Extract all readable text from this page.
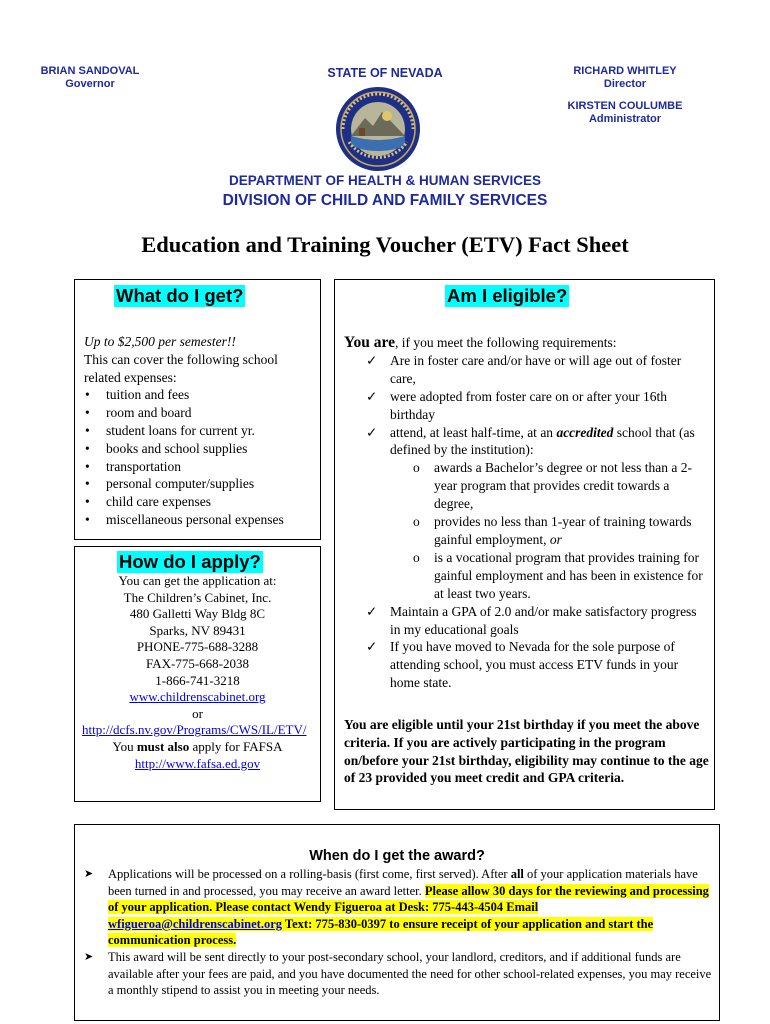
BRIAN SANDOVAL
Governor
STATE OF NEVADA	RICHARD WHITLEY
Director
KIRSTEN COULUMBE
Administrator
DEPARTMENT OF HEALTH & HUMAN SERVICES
DIVISION OF CHILD AND FAMILY SERVICES
Education and Training Voucher (ETV) Fact Sheet
What do I get?
Up to $2,500 per semester!!
This can cover the following school related expenses:
• tuition and fees
• room and board
• student loans for current yr.
• books and school supplies
• transportation
• personal computer/supplies
• child care expenses
• miscellaneous personal expenses
How do I apply?
You can get the application at:
The Children’s Cabinet, Inc.
480 Galletti Way Bldg 8C
Sparks, NV 89431
PHONE-775-688-3288
FAX-775-668-2038
1-866-741-3218
www.childrenscabinet.org
or
http://dcfs.nv.gov/Programs/CWS/IL/ETV/
You must also apply for FAFSA
http://www.fafsa.ed.gov
Am I eligible?
You are, if you meet the following requirements:
✓ Are in foster care and/or have or will age out of foster care,
✓ were adopted from foster care on or after your 16th birthday
✓ attend, at least half-time, at an accredited school that (as defined by the institution):
o awards a Bachelor’s degree or not less than a 2-year program that provides credit towards a degree,
o provides no less than 1-year of training towards gainful employment, or
o is a vocational program that provides training for gainful employment and has been in existence for at least two years.
✓ Maintain a GPA of 2.0 and/or make satisfactory progress in my educational goals
✓ If you have moved to Nevada for the sole purpose of attending school, you must access ETV funds in your home state.
You are eligible until your 21st birthday if you meet the above criteria. If you are actively participating in the program on/before your 21st birthday, eligibility may continue to the age of 23 provided you meet credit and GPA criteria.
When do I get the award?

➤ Applications will be processed on a rolling-basis (first come, first served). After all of your application materials have been turned in and processed, you may receive an award letter. Please allow 30 days for the reviewing and processing of your application. Please contact Wendy Figueroa at Desk: 775-443-4504 Email wfigueroa@childrenscabinet.org Text: 775-830-0397 to ensure receipt of your application and start the communication process.

➤ This award will be sent directly to your post-secondary school, your landlord, creditors, and if additional funds are available after your fees are paid, and you have documented the need for other school-related expenses, you may receive a monthly stipend to assist you in meeting your needs.
